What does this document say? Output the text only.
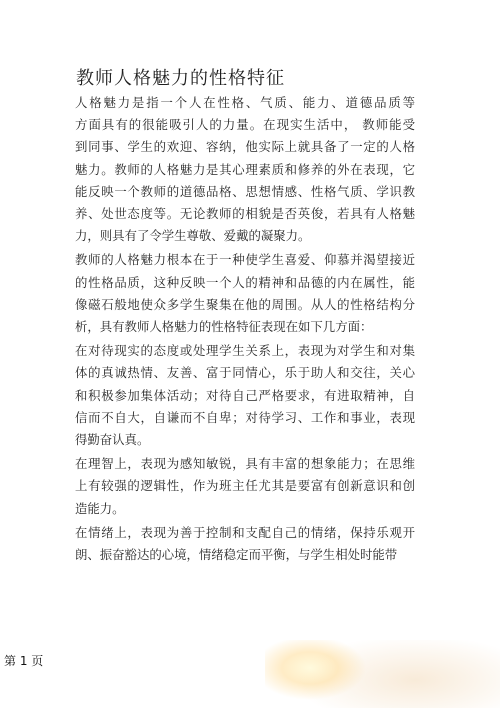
教师人格魅力的性格特征
人格魅力是指一个人在性格、气质、能力、道德品质等
方面具有的很能吸引人的力量。在现实生活中， 教师能受
到同事、学生的欢迎、容纳，他实际上就具备了一定的人格
魅力。教师的人格魅力是其心理素质和修养的外在表现，它
能反映一个教师的道德品格、思想情感、性格气质、学识教
养、处世态度等。无论教师的相貌是否英俊，若具有人格魅
力，则具有了令学生尊敬、爱戴的凝聚力。
教师的人格魅力根本在于一种使学生喜爱、仰慕并渴望接近
的性格品质，这种反映一个人的精神和品德的内在属性，能
像磁石般地使众多学生聚集在他的周围。从人的性格结构分
析，具有教师人格魅力的性格特征表现在如下几方面：
在对待现实的态度或处理学生关系上，表现为对学生和对集
体的真诚热情、友善、富于同情心，乐于助人和交往，关心
和积极参加集体活动；对待自己严格要求，有进取精神，自
信而不自大，自谦而不自卑；对待学习、工作和事业，表现
得勤奋认真。
在理智上，表现为感知敏锐，具有丰富的想象能力；在思维
上有较强的逻辑性，作为班主任尤其是要富有创新意识和创
造能力。
在情绪上，表现为善于控制和支配自己的情绪，保持乐观开
朗、振奋豁达的心境，情绪稳定而平衡，与学生相处时能带
第 1 页
